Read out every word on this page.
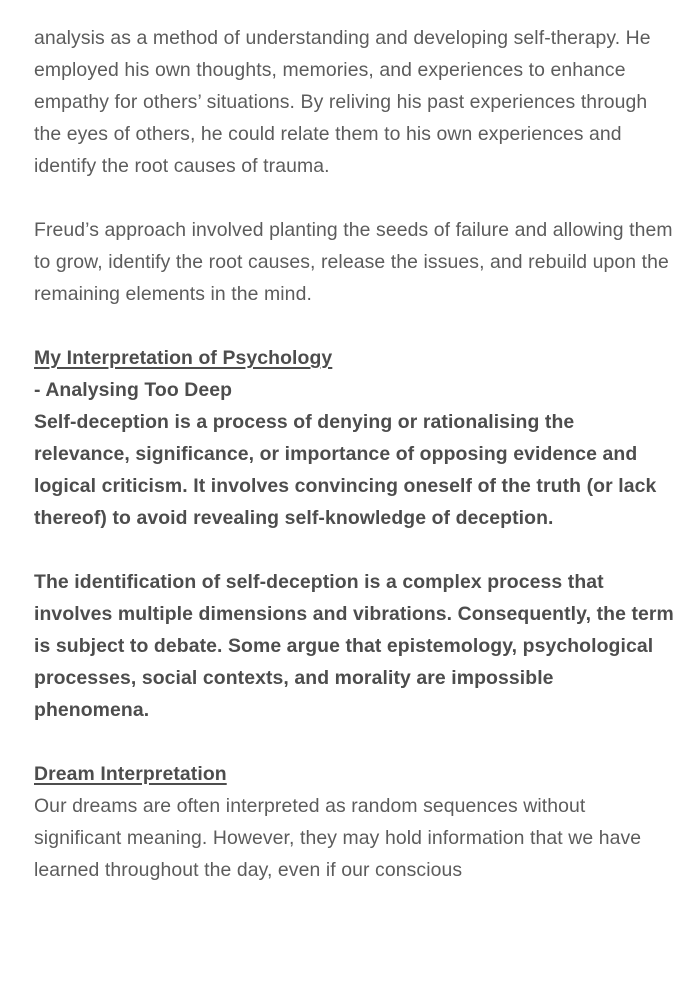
analysis as a method of understanding and developing self-therapy. He employed his own thoughts, memories, and experiences to enhance empathy for others’ situations. By reliving his past experiences through the eyes of others, he could relate them to his own experiences and identify the root causes of trauma.

Freud’s approach involved planting the seeds of failure and allowing them to grow, identify the root causes, release the issues, and rebuild upon the remaining elements in the mind.

My Interpretation of Psychology
- Analysing Too Deep

Self-deception is a process of denying or rationalising the relevance, significance, or importance of opposing evidence and logical criticism. It involves convincing oneself of the truth (or lack thereof) to avoid revealing self-knowledge of deception.

The identification of self-deception is a complex process that involves multiple dimensions and vibrations. Consequently, the term is subject to debate. Some argue that epistemology, psychological processes, social contexts, and morality are impossible phenomena.

Dream Interpretation

Our dreams are often interpreted as random sequences without significant meaning. However, they may hold information that we have learned throughout the day, even if our conscious
